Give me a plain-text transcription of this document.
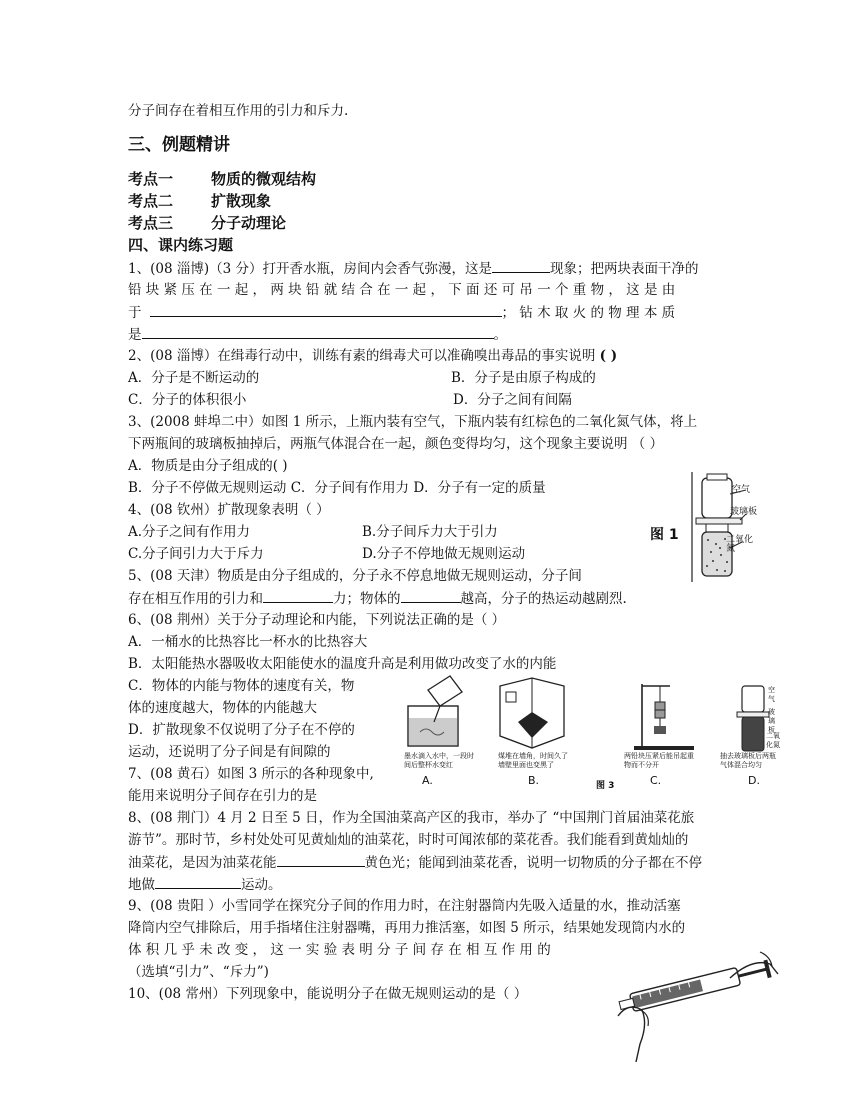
分子间存在着相互作用的引力和斥力.
三、例题精讲
考点一	物质的微观结构
考点二	扩散现象
考点三	分子动理论
四、课内练习题
1、(08 淄博)（3 分）打开香水瓶，房间内会香气弥漫，这是	现象；把两块表面干净的
铅 块 紧 压 在 一 起 ， 两 块 铅 就 结 合 在 一 起 ， 下 面 还 可 吊 一 个 重 物 ， 这 是 由
于	； 钻 木 取 火 的 物 理 本 质
是	。
2、(08 淄博）在缉毒行动中，训练有素的缉毒犬可以准确嗅出毒品的事实说明 ( )
A．分子是不断运动的	B．分子是由原子构成的
C．分子的体积很小	D．分子之间有间隔
3、(2008 蚌埠二中）如图 1 所示，上瓶内装有空气，下瓶内装有红棕色的二氧化氮气体，将上
下两瓶间的玻璃板抽掉后，两瓶气体混合在一起，颜色变得均匀，这个现象主要说明 （ ）
A．物质是由分子组成的( )
B．分子不停做无规则运动 C．分子间有作用力 D．分子有一定的质量
4、(08 钦州）扩散现象表明（ ）
A.分子之间有作用力	B.分子间斥力大于引力
C.分子间引力大于斥力	D.分子不停地做无规则运动
5、(08 天津）物质是由分子组成的，分子永不停息地做无规则运动，分子间
存在相互作用的引力和	力；物体的	越高，分子的热运动越剧烈.
6、(08 荆州）关于分子动理论和内能，下列说法正确的是（ ）
A．一桶水的比热容比一杯水的比热容大
B．太阳能热水器吸收太阳能使水的温度升高是利用做功改变了水的内能
C．物体的内能与物体的速度有关，物
体的速度越大，物体的内能越大
D．扩散现象不仅说明了分子在不停的
运动，还说明了分子间是有间隙的
7、(08 黄石）如图 3 所示的各种现象中,
能用来说明分子间存在引力的是
8、(08 荆门）4 月 2 日至 5 日，作为全国油菜高产区的我市，举办了 “中国荆门首届油菜花旅
游节”。那时节，乡村处处可见黄灿灿的油菜花，时时可闻浓郁的菜花香。我们能看到黄灿灿的
油菜花，是因为油菜花能	黄色光；能闻到油菜花香，说明一切物质的分子都在不停
地做	运动。
9、(08 贵阳 ）小雪同学在探究分子间的作用力时，在注射器筒内先吸入适量的水，推动活塞
降筒内空气排除后，用手指堵住注射器嘴，再用力推活塞，如图 5 所示，结果她发现筒内水的
体 积 几 乎 未 改 变 ， 这 一 实 验 表 明 分 子 间 存 在 相 互 作 用 的
（选填“引力”、“斥力”)
10、(08 常州）下列现象中，能说明分子在做无规则运动的是（ ）
图 1
空气
玻璃板
二氧化氮
空气
玻璃板
二氧化氮
墨水滴入水中，一段时间后整杯水变红
煤堆在墙角，时间久了墙壁里面也变黑了
两铅块压紧后能吊起重物而不分开
抽去玻璃板后两瓶气体混合均匀
A.	B.	图 3	C.	D.
